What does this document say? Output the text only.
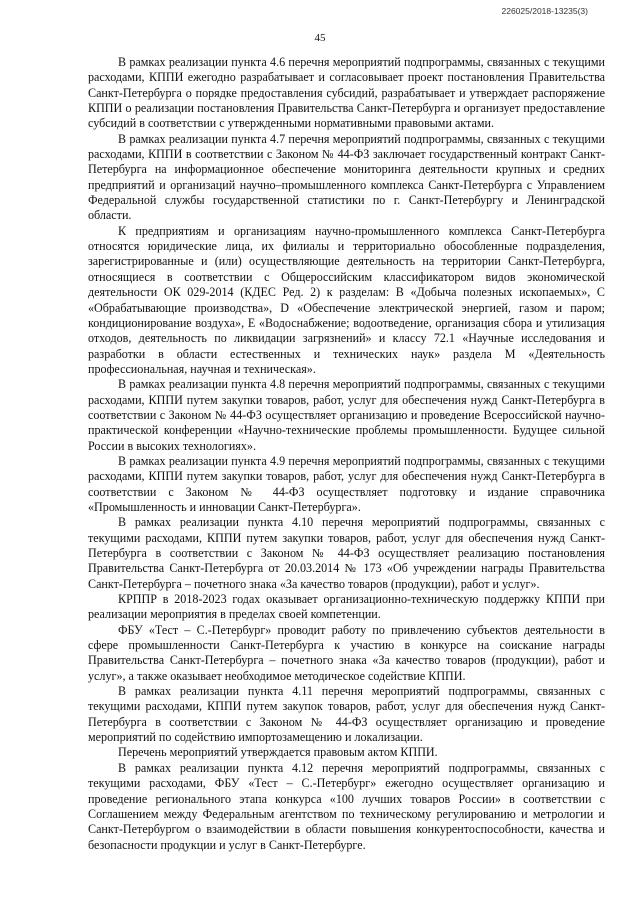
226025/2018-13235(3)
45

В рамках реализации пункта 4.6 перечня мероприятий подпрограммы, связанных с текущими расходами, КППИ ежегодно разрабатывает и согласовывает проект постановления Правительства Санкт-Петербурга о порядке предоставления субсидий, разрабатывает и утверждает распоряжение КППИ о реализации постановления Правительства Санкт-Петербурга и организует предоставление субсидий в соответствии с утвержденными нормативными правовыми актами.

В рамках реализации пункта 4.7 перечня мероприятий подпрограммы, связанных с текущими расходами, КППИ в соответствии с Законом № 44-ФЗ заключает государственный контракт Санкт-Петербурга на информационное обеспечение мониторинга деятельности крупных и средних предприятий и организаций научно–промышленного комплекса Санкт-Петербурга с Управлением Федеральной службы государственной статистики по г. Санкт-Петербургу и Ленинградской области.

К предприятиям и организациям научно-промышленного комплекса Санкт-Петербурга относятся юридические лица, их филиалы и территориально обособленные подразделения, зарегистрированные и (или) осуществляющие деятельность на территории Санкт-Петербурга, относящиеся в соответствии с Общероссийским классификатором видов экономической деятельности ОК 029-2014 (КДЕС Ред. 2) к разделам: В «Добыча полезных ископаемых», С «Обрабатывающие производства», D «Обеспечение электрической энергией, газом и паром; кондиционирование воздуха», Е «Водоснабжение; водоотведение, организация сбора и утилизация отходов, деятельность по ликвидации загрязнений» и классу 72.1 «Научные исследования и разработки в области естественных и технических наук» раздела М «Деятельность профессиональная, научная и техническая».

В рамках реализации пункта 4.8 перечня мероприятий подпрограммы, связанных с текущими расходами, КППИ путем закупки товаров, работ, услуг для обеспечения нужд Санкт-Петербурга в соответствии с Законом № 44-ФЗ осуществляет организацию и проведение Всероссийской научно-практической конференции «Научно-технические проблемы промышленности. Будущее сильной России в высоких технологиях».

В рамках реализации пункта 4.9 перечня мероприятий подпрограммы, связанных с текущими расходами, КППИ путем закупки товаров, работ, услуг для обеспечения нужд Санкт-Петербурга в соответствии с Законом № 44-ФЗ осуществляет подготовку и издание справочника «Промышленность и инновации Санкт-Петербурга».

В рамках реализации пункта 4.10 перечня мероприятий подпрограммы, связанных с текущими расходами, КППИ путем закупки товаров, работ, услуг для обеспечения нужд Санкт-Петербурга в соответствии с Законом № 44-ФЗ осуществляет реализацию постановления Правительства Санкт-Петербурга от 20.03.2014 № 173 «Об учреждении награды Правительства Санкт-Петербурга – почетного знака «За качество товаров (продукции), работ и услуг».

КРППР в 2018-2023 годах оказывает организационно-техническую поддержку КППИ при реализации мероприятия в пределах своей компетенции.

ФБУ «Тест – С.-Петербург» проводит работу по привлечению субъектов деятельности в сфере промышленности Санкт-Петербурга к участию в конкурсе на соискание награды Правительства Санкт-Петербурга – почетного знака «За качество товаров (продукции), работ и услуг», а также оказывает необходимое методическое содействие КППИ.

В рамках реализации пункта 4.11 перечня мероприятий подпрограммы, связанных с текущими расходами, КППИ путем закупок товаров, работ, услуг для обеспечения нужд Санкт-Петербурга в соответствии с Законом № 44-ФЗ осуществляет организацию и проведение мероприятий по содействию импортозамещению и локализации.

Перечень мероприятий утверждается правовым актом КППИ.

В рамках реализации пункта 4.12 перечня мероприятий подпрограммы, связанных с текущими расходами, ФБУ «Тест – С.-Петербург» ежегодно осуществляет организацию и проведение регионального этапа конкурса «100 лучших товаров России» в соответствии с Соглашением между Федеральным агентством по техническому регулированию и метрологии и Санкт-Петербургом о взаимодействии в области повышения конкурентоспособности, качества и безопасности продукции и услуг в Санкт-Петербурге.
